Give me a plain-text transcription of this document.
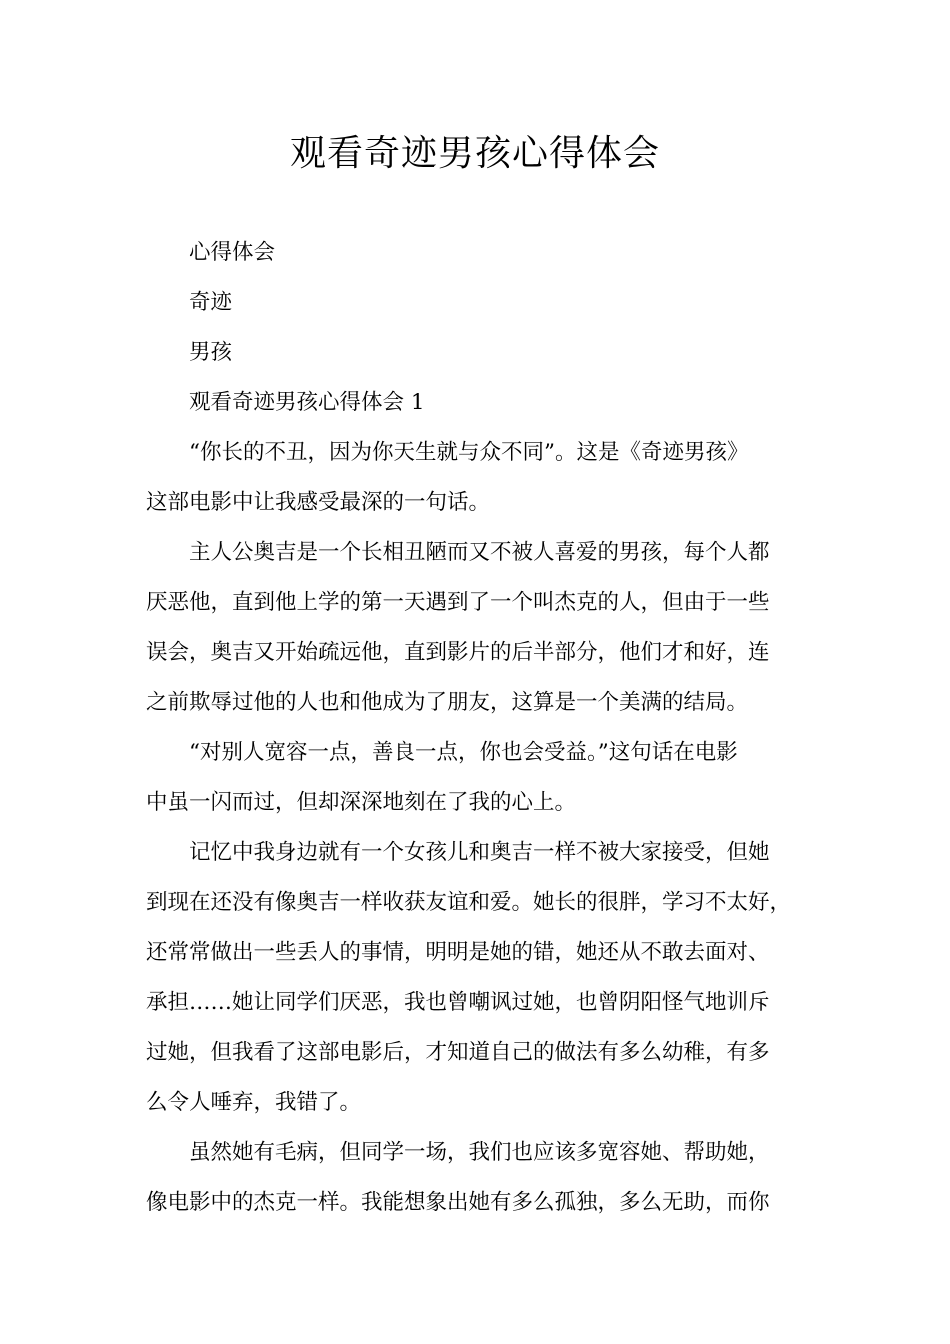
观看奇迹男孩心得体会

心得体会

奇迹

男孩

观看奇迹男孩心得体会 1

“你长的不丑，因为你天生就与众不同”。这是《奇迹男孩》
这部电影中让我感受最深的一句话。

主人公奥吉是一个长相丑陋而又不被人喜爱的男孩，每个人都
厌恶他，直到他上学的第一天遇到了一个叫杰克的人，但由于一些
误会，奥吉又开始疏远他，直到影片的后半部分，他们才和好，连
之前欺辱过他的人也和他成为了朋友，这算是一个美满的结局。

“对别人宽容一点，善良一点，你也会受益。”这句话在电影
中虽一闪而过，但却深深地刻在了我的心上。

记忆中我身边就有一个女孩儿和奥吉一样不被大家接受，但她
到现在还没有像奥吉一样收获友谊和爱。她长的很胖，学习不太好，
还常常做出一些丢人的事情，明明是她的错，她还从不敢去面对、
承担……她让同学们厌恶，我也曾嘲讽过她，也曾阴阳怪气地训斥
过她，但我看了这部电影后，才知道自己的做法有多么幼稚，有多
么令人唾弃，我错了。

虽然她有毛病，但同学一场，我们也应该多宽容她、帮助她，
像电影中的杰克一样。我能想象出她有多么孤独，多么无助，而你
